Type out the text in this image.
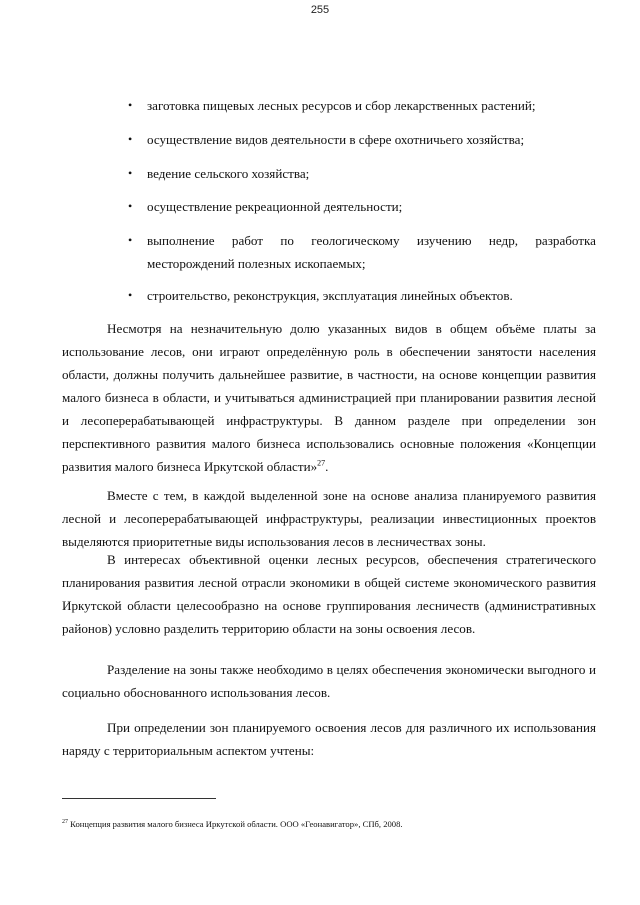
255
•	заготовка пищевых лесных ресурсов и сбор лекарственных растений;
•	осуществление видов деятельности в сфере охотничьего хозяйства;
•	ведение сельского хозяйства;
•	осуществление рекреационной деятельности;
•	выполнение работ по геологическому изучению недр, разработка месторождений полезных ископаемых;
•	строительство, реконструкция, эксплуатация линейных объектов.
Несмотря на незначительную долю указанных видов в общем объёме платы за использование лесов, они играют определённую роль в обеспечении занятости населения области, должны получить дальнейшее развитие, в частности, на основе концепции развития малого бизнеса в области, и учитываться администрацией при планировании развития лесной и лесоперерабатывающей инфраструктуры. В данном разделе при определении зон перспективного развития малого бизнеса использовались основные положения «Концепции развития малого бизнеса Иркутской области»$^{27}$.
Вместе с тем, в каждой выделенной зоне на основе анализа планируемого развития лесной и лесоперерабатывающей инфраструктуры, реализации инвестиционных проектов выделяются приоритетные виды использования лесов в лесничествах зоны.
В интересах объективной оценки лесных ресурсов, обеспечения стратегического планирования развития лесной отрасли экономики в общей системе экономического развития Иркутской области целесообразно на основе группирования лесничеств (административных районов) условно разделить территорию области на зоны освоения лесов.
Разделение на зоны также необходимо в целях обеспечения экономически выгодного и социально обоснованного использования лесов.
При определении зон планируемого освоения лесов для различного их использования наряду с территориальным аспектом учтены:
$^{27}$ Концепция развития малого бизнеса Иркутской области. ООО «Геонавигатор», СПб, 2008.
